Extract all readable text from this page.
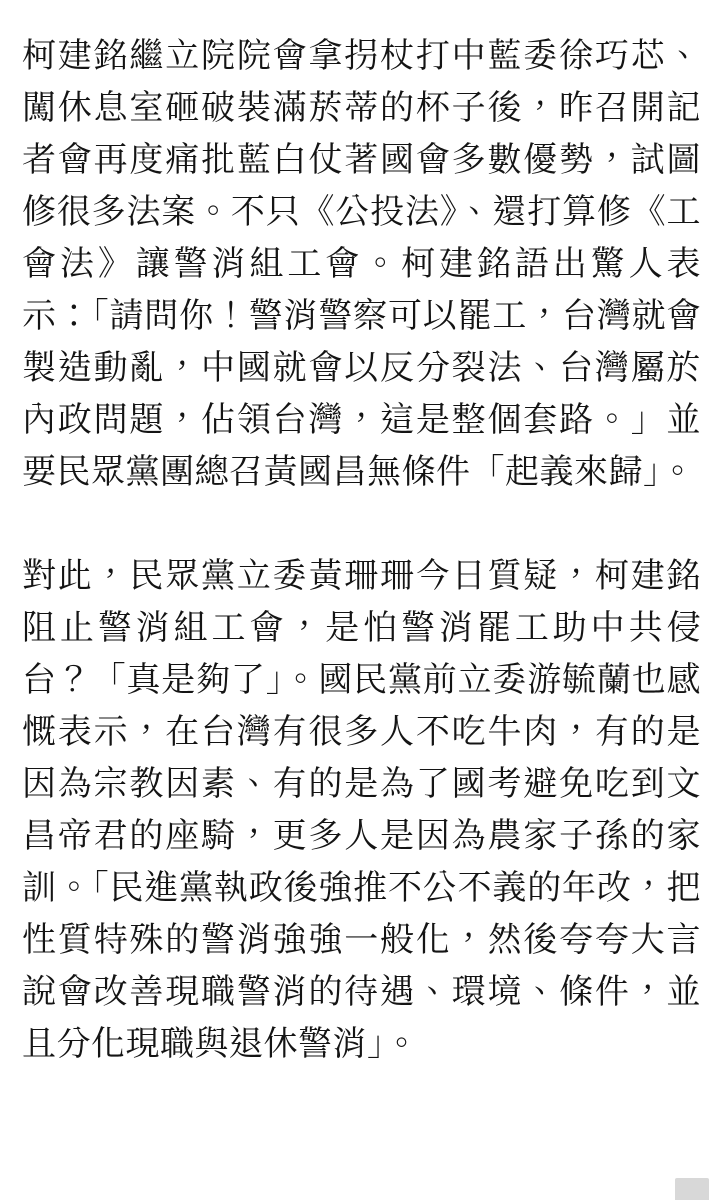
柯建銘繼立院院會拿拐杖打中藍委徐巧芯、闖休息室砸破裝滿菸蒂的杯子後，昨召開記者會再度痛批藍白仗著國會多數優勢，試圖修很多法案。不只《公投法》、還打算修《工會法》讓警消組工會。柯建銘語出驚人表示：「請問你！警消警察可以罷工，台灣就會製造動亂，中國就會以反分裂法、台灣屬於內政問題，佔領台灣，這是整個套路。」並要民眾黨團總召黃國昌無條件「起義來歸」。

對此，民眾黨立委黃珊珊今日質疑，柯建銘阻止警消組工會，是怕警消罷工助中共侵台？「真是夠了」。國民黨前立委游毓蘭也感慨表示，在台灣有很多人不吃牛肉，有的是因為宗教因素、有的是為了國考避免吃到文昌帝君的座騎，更多人是因為農家子孫的家訓。「民進黨執政後強推不公不義的年改，把性質特殊的警消強強一般化，然後夸夸大言說會改善現職警消的待遇、環境、條件，並且分化現職與退休警消」。
